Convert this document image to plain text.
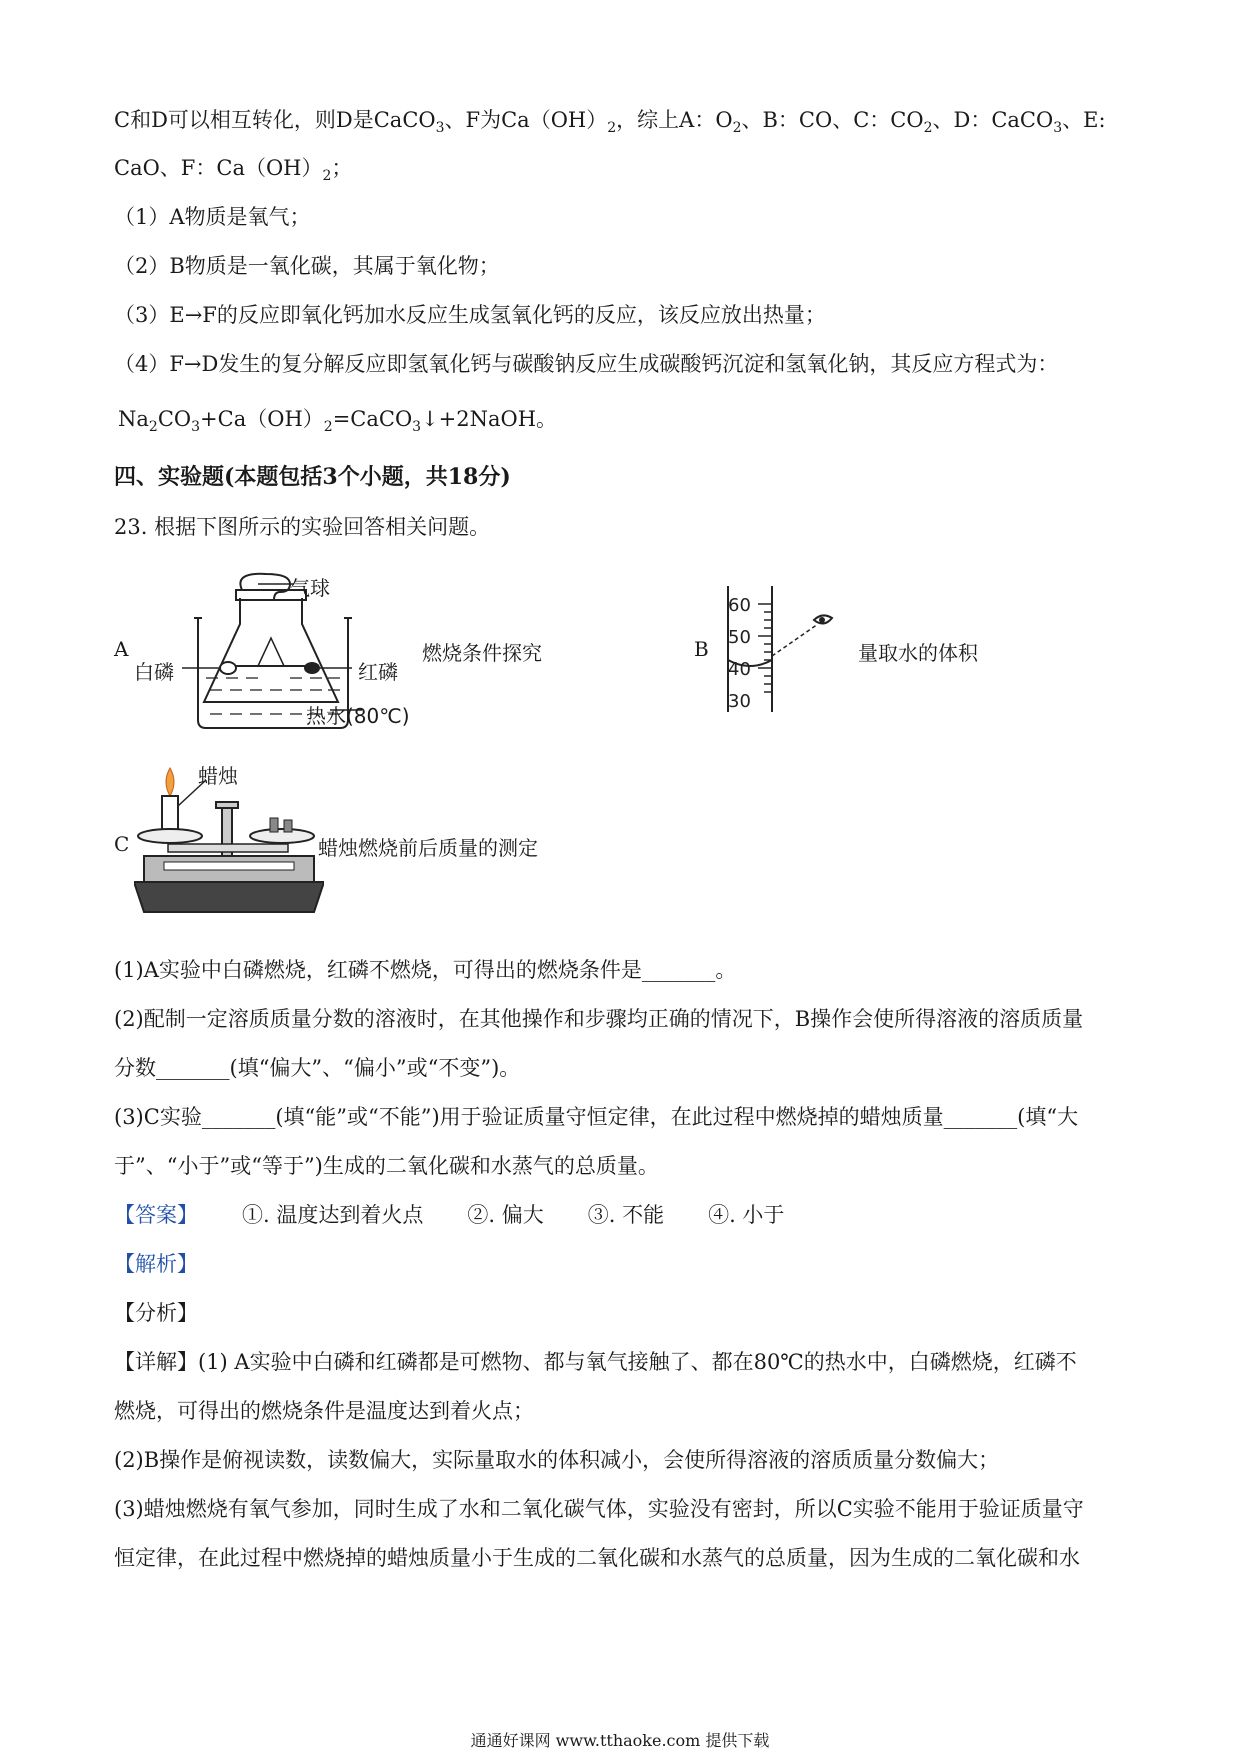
C和D可以相互转化，则D是CaCO$_3$、F为$Ca(OH)_2$，综上A：$O_2$、B：CO、C：$CO_2$、D：CaCO$_3$、E:
CaO、F：$Ca(OH)_2$；
（1）A物质是氧气；
（2）B物质是一氧化碳，其属于氧化物；
（3）E→F的反应即氧化钙加水反应生成氢氧化钙的反应，该反应放出热量；
（4）F→D发生的复分解反应即氢氧化钙与碳酸钠反应生成碳酸钙沉淀和氢氧化钠，其反应方程式为：
$Na_2CO_3+Ca(OH)_2=CaCO_3↓+2NaOH$。
四、实验题(本题包括3个小题，共18分)
23. 根据下图所示的实验回答相关问题。
A
气球
白磷	红磷
热水(80℃)
燃烧条件探究	B
60
50
40
30
量取水的体积
C
蜡烛
蜡烛燃烧前后质量的测定
(1)A实验中白磷燃烧，红磷不燃烧，可得出的燃烧条件是_______。
(2)配制一定溶质质量分数的溶液时，在其他操作和步骤均正确的情况下，B操作会使所得溶液的溶质质量
分数_______(填“偏大”、“偏小”或“不变”)。
(3)C实验_______(填“能”或“不能”)用于验证质量守恒定律，在此过程中燃烧掉的蜡烛质量_______(填“大
于”、“小于”或“等于”)生成的二氧化碳和水蒸气的总质量。
【答案】 ①. 温度达到着火点 ②. 偏大 ③. 不能 ④. 小于
【解析】
【分析】
【详解】(1) A实验中白磷和红磷都是可燃物、都与氧气接触了、都在80℃的热水中，白磷燃烧，红磷不
燃烧，可得出的燃烧条件是温度达到着火点；
(2)B操作是俯视读数，读数偏大，实际量取水的体积减小，会使所得溶液的溶质质量分数偏大；
(3)蜡烛燃烧有氧气参加，同时生成了水和二氧化碳气体，实验没有密封，所以C实验不能用于验证质量守
恒定律，在此过程中燃烧掉的蜡烛质量小于生成的二氧化碳和水蒸气的总质量，因为生成的二氧化碳和水
通通好课网 www.tthaoke.com 提供下载
